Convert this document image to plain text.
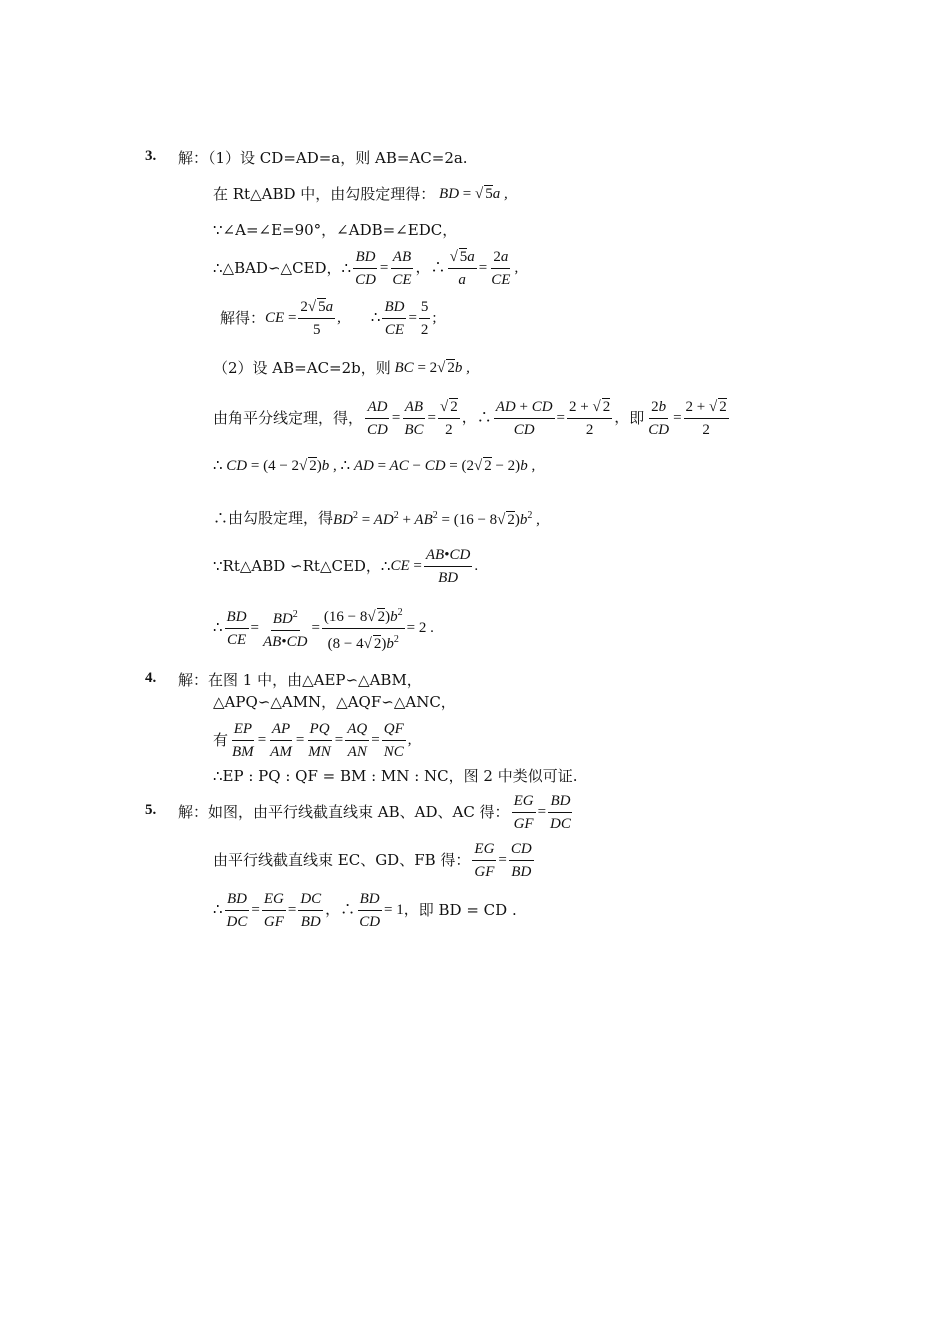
3. 解：（1）设 CD=AD=a，则 AB=AC=2a.
在 Rt△ABD 中，由勾股定理得： BD = √ 5a ,
∵∠A=∠E=90°，∠ADB=∠EDC，
∴△BAD∽△CED，∴ $\frac{BD}{CD} = \frac{AB}{CE}$ ，∴ $\frac{√ 5a}{a} = \frac{2a}{CE}$ ,
解得： CE = $\frac{2√ 5a}{5}$ , ∴ $\frac{BD}{CE} = \frac{5}{2}$ ;
（2）设 AB=AC=2b，则 BC = 2√ 2b ,
由角平分线定理，得， $\frac{AD}{CD} = \frac{AB}{BC} = \frac{√ 2}{2}$ ，∴ $\frac{AD + CD}{CD} = \frac{2 + √ 2}{2}$ ， 即 $\frac{2b}{CD} = \frac{2 + √ 2}{2}$
∴ CD = (4 − 2√ 2)b , ∴ AD = AC − CD = (2√ 2 − 2)b ,
∴由勾股定理，得 $BD^2 = AD^2 + AB^2 = (16 - 8√$ $2)b^2$ ,
∵Rt△ABD ∽Rt△CED，∴ CE = $\frac{AB•CD}{BD}$ .
∴ $\frac{BD}{CE} = \frac{BD^2}{AB•CD} = \frac{(16 - 8√ 2)b^2}{(8 - 4√ 2)b^2} = 2$ .
4. 解：在图 1 中，由△AEP∽△ABM，
△APQ∽△AMN，△AQF∽△ANC，
有 $\frac{EP}{BM} = \frac{AP}{AM} = \frac{PQ}{MN} = \frac{AQ}{AN} = \frac{QF}{NC}$ ,
∴EP : PQ : QF = BM : MN : NC，图 2 中类似可证.
5. 解：如图，由平行线截直线束 AB、AD、AC 得： $\frac{EG}{GF} = \frac{BD}{DC}$
由平行线截直线束 EC、GD、FB 得： $\frac{EG}{GF} = \frac{CD}{BD}$
∴ $\frac{BD}{DC} = \frac{EG}{GF} = \frac{DC}{BD}$ ，∴ $\frac{BD}{CD} = 1$， 即 BD = CD .
